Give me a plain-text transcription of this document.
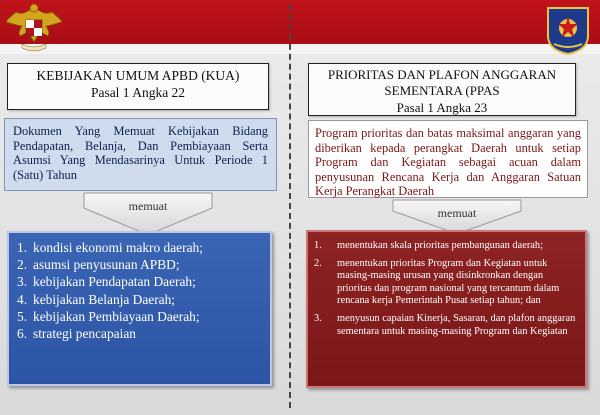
KEBIJAKAN UMUM APBD (KUA)
Pasal 1 Angka 22
Dokumen Yang Memuat Kebijakan Bidang Pendapatan, Belanja, Dan Pembiayaan Serta Asumsi Yang Mendasarinya Untuk Periode 1 (Satu) Tahun
memuat
1. kondisi ekonomi makro daerah;
2. asumsi penyusunan APBD;
3. kebijakan Pendapatan Daerah;
4. kebijakan Belanja Daerah;
5. kebijakan Pembiayaan Daerah;
6. strategi pencapaian
PRIORITAS DAN PLAFON ANGGARAN
SEMENTARA (PPAS
Pasal 1 Angka 23
Program prioritas dan batas maksimal anggaran yang diberikan kepada perangkat Daerah untuk setiap Program dan Kegiatan sebagai acuan dalam penyusunan Rencana Kerja dan Anggaran Satuan Kerja Perangkat Daerah
memuat
1.	menentukan skala prioritas pembangunan daerah;
2.	menentukan prioritas Program dan Kegiatan untuk masing-masing urusan yang disinkronkan dengan prioritas dan program nasional yang tercantum dalam rencana kerja Pemerintah Pusat setiap tahun; dan
3.	menyusun capaian Kinerja, Sasaran, dan plafon anggaran sementara untuk masing-masing Program dan Kegiatan
